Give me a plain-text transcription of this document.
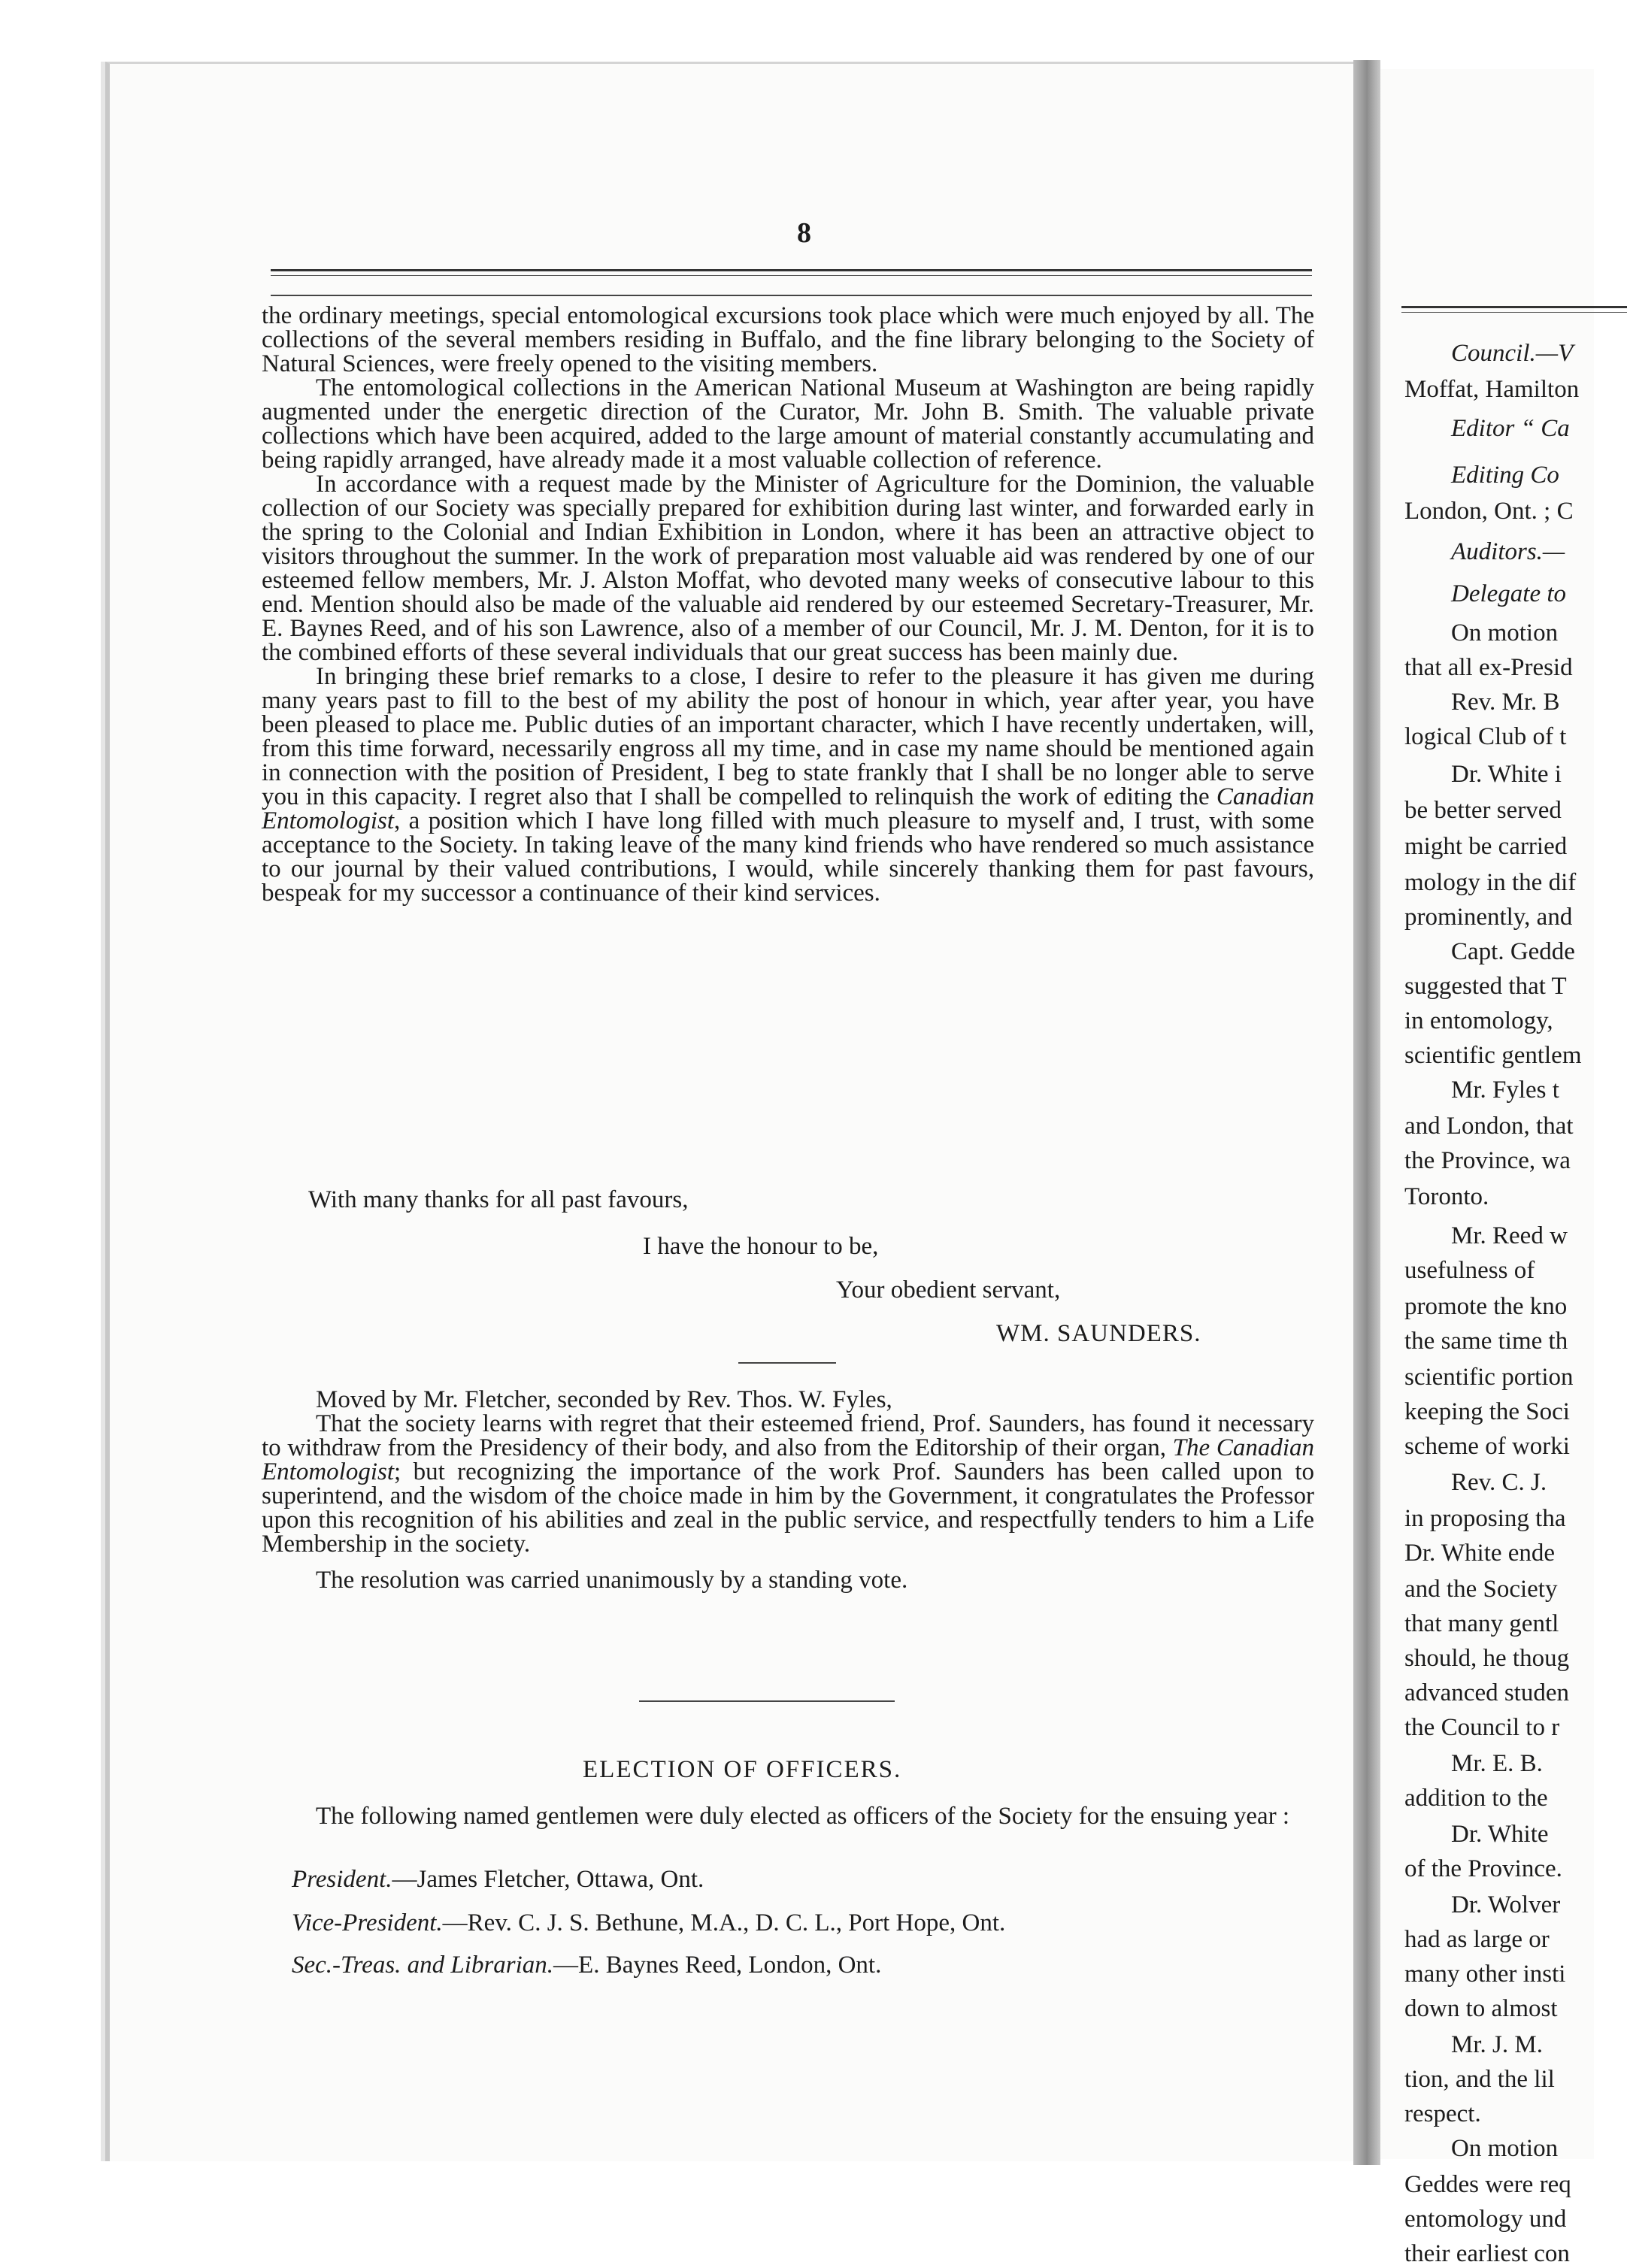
8

the ordinary meetings, special entomological excursions took place which were much enjoyed by all. The collections of the several members residing in Buffalo, and the fine library belonging to the Society of Natural Sciences, were freely opened to the visiting members.

The entomological collections in the American National Museum at Washington are being rapidly augmented under the energetic direction of the Curator, Mr. John B. Smith. The valuable private collections which have been acquired, added to the large amount of material constantly accumulating and being rapidly arranged, have already made it a most valuable collection of reference.

In accordance with a request made by the Minister of Agriculture for the Dominion, the valuable collection of our Society was specially prepared for exhibition during last winter, and forwarded early in the spring to the Colonial and Indian Exhibition in London, where it has been an attractive object to visitors throughout the summer. In the work of preparation most valuable aid was rendered by one of our esteemed fellow members, Mr. J. Alston Moffat, who devoted many weeks of consecutive labour to this end. Mention should also be made of the valuable aid rendered by our esteemed Secretary-Treasurer, Mr. E. Baynes Reed, and of his son Lawrence, also of a member of our Council, Mr. J. M. Denton, for it is to the combined efforts of these several individuals that our great success has been mainly due.

In bringing these brief remarks to a close, I desire to refer to the pleasure it has given me during many years past to fill to the best of my ability the post of honour in which, year after year, you have been pleased to place me. Public duties of an important character, which I have recently undertaken, will, from this time forward, necessarily engross all my time, and in case my name should be mentioned again in connection with the position of President, I beg to state frankly that I shall be no longer able to serve you in this capacity. I regret also that I shall be compelled to relinquish the work of editing the Canadian Entomologist, a position which I have long filled with much pleasure to myself and, I trust, with some acceptance to the Society. In taking leave of the many kind friends who have rendered so much assistance to our journal by their valued contributions, I would, while sincerely thanking them for past favours, bespeak for my successor a continuance of their kind services.

With many thanks for all past favours,
I have the honour to be,
Your obedient servant,
WM. SAUNDERS.

Moved by Mr. Fletcher, seconded by Rev. Thos. W. Fyles,

That the society learns with regret that their esteemed friend, Prof. Saunders, has found it necessary to withdraw from the Presidency of their body, and also from the Editorship of their organ, The Canadian Entomologist; but recognizing the importance of the work Prof. Saunders has been called upon to superintend, and the wisdom of the choice made in him by the Government, it congratulates the Professor upon this recognition of his abilities and zeal in the public service, and respectfully tenders to him a Life Membership in the society.

The resolution was carried unanimously by a standing vote.

ELECTION OF OFFICERS.

The following named gentlemen were duly elected as officers of the Society for the ensuing year :

President.—James Fletcher, Ottawa, Ont.
Vice-President.—Rev. C. J. S. Bethune, M.A., D. C. L., Port Hope, Ont.
Sec.-Treas. and Librarian.—E. Baynes Reed, London, Ont.
Council.—V
Moffat, Hamilton
Editor “ Ca
Editing Co
London, Ont. ; C
Auditors.—
Delegate to
On motion
that all ex-Presid
Rev. Mr. B
logical Club of t
Dr. White i
be better served
might be carried
mology in the dif
prominently, and
Capt. Gedde
suggested that T
in entomology,
scientific gentlem
Mr. Fyles t
and London, that
the Province, wa
Toronto.
Mr. Reed w
usefulness of
promote the kno
the same time th
scientific portion
keeping the Soci
scheme of worki
Rev. C. J.
in proposing tha
Dr. White ende
and the Society
that many gentl
should, he thoug
advanced studen
the Council to r
Mr. E. B.
addition to the
Dr. White
of the Province.
Dr. Wolver
had as large or
many other insti
down to almost
Mr. J. M.
tion, and the lil
respect.
On motion
Geddes were req
entomology und
their earliest con
